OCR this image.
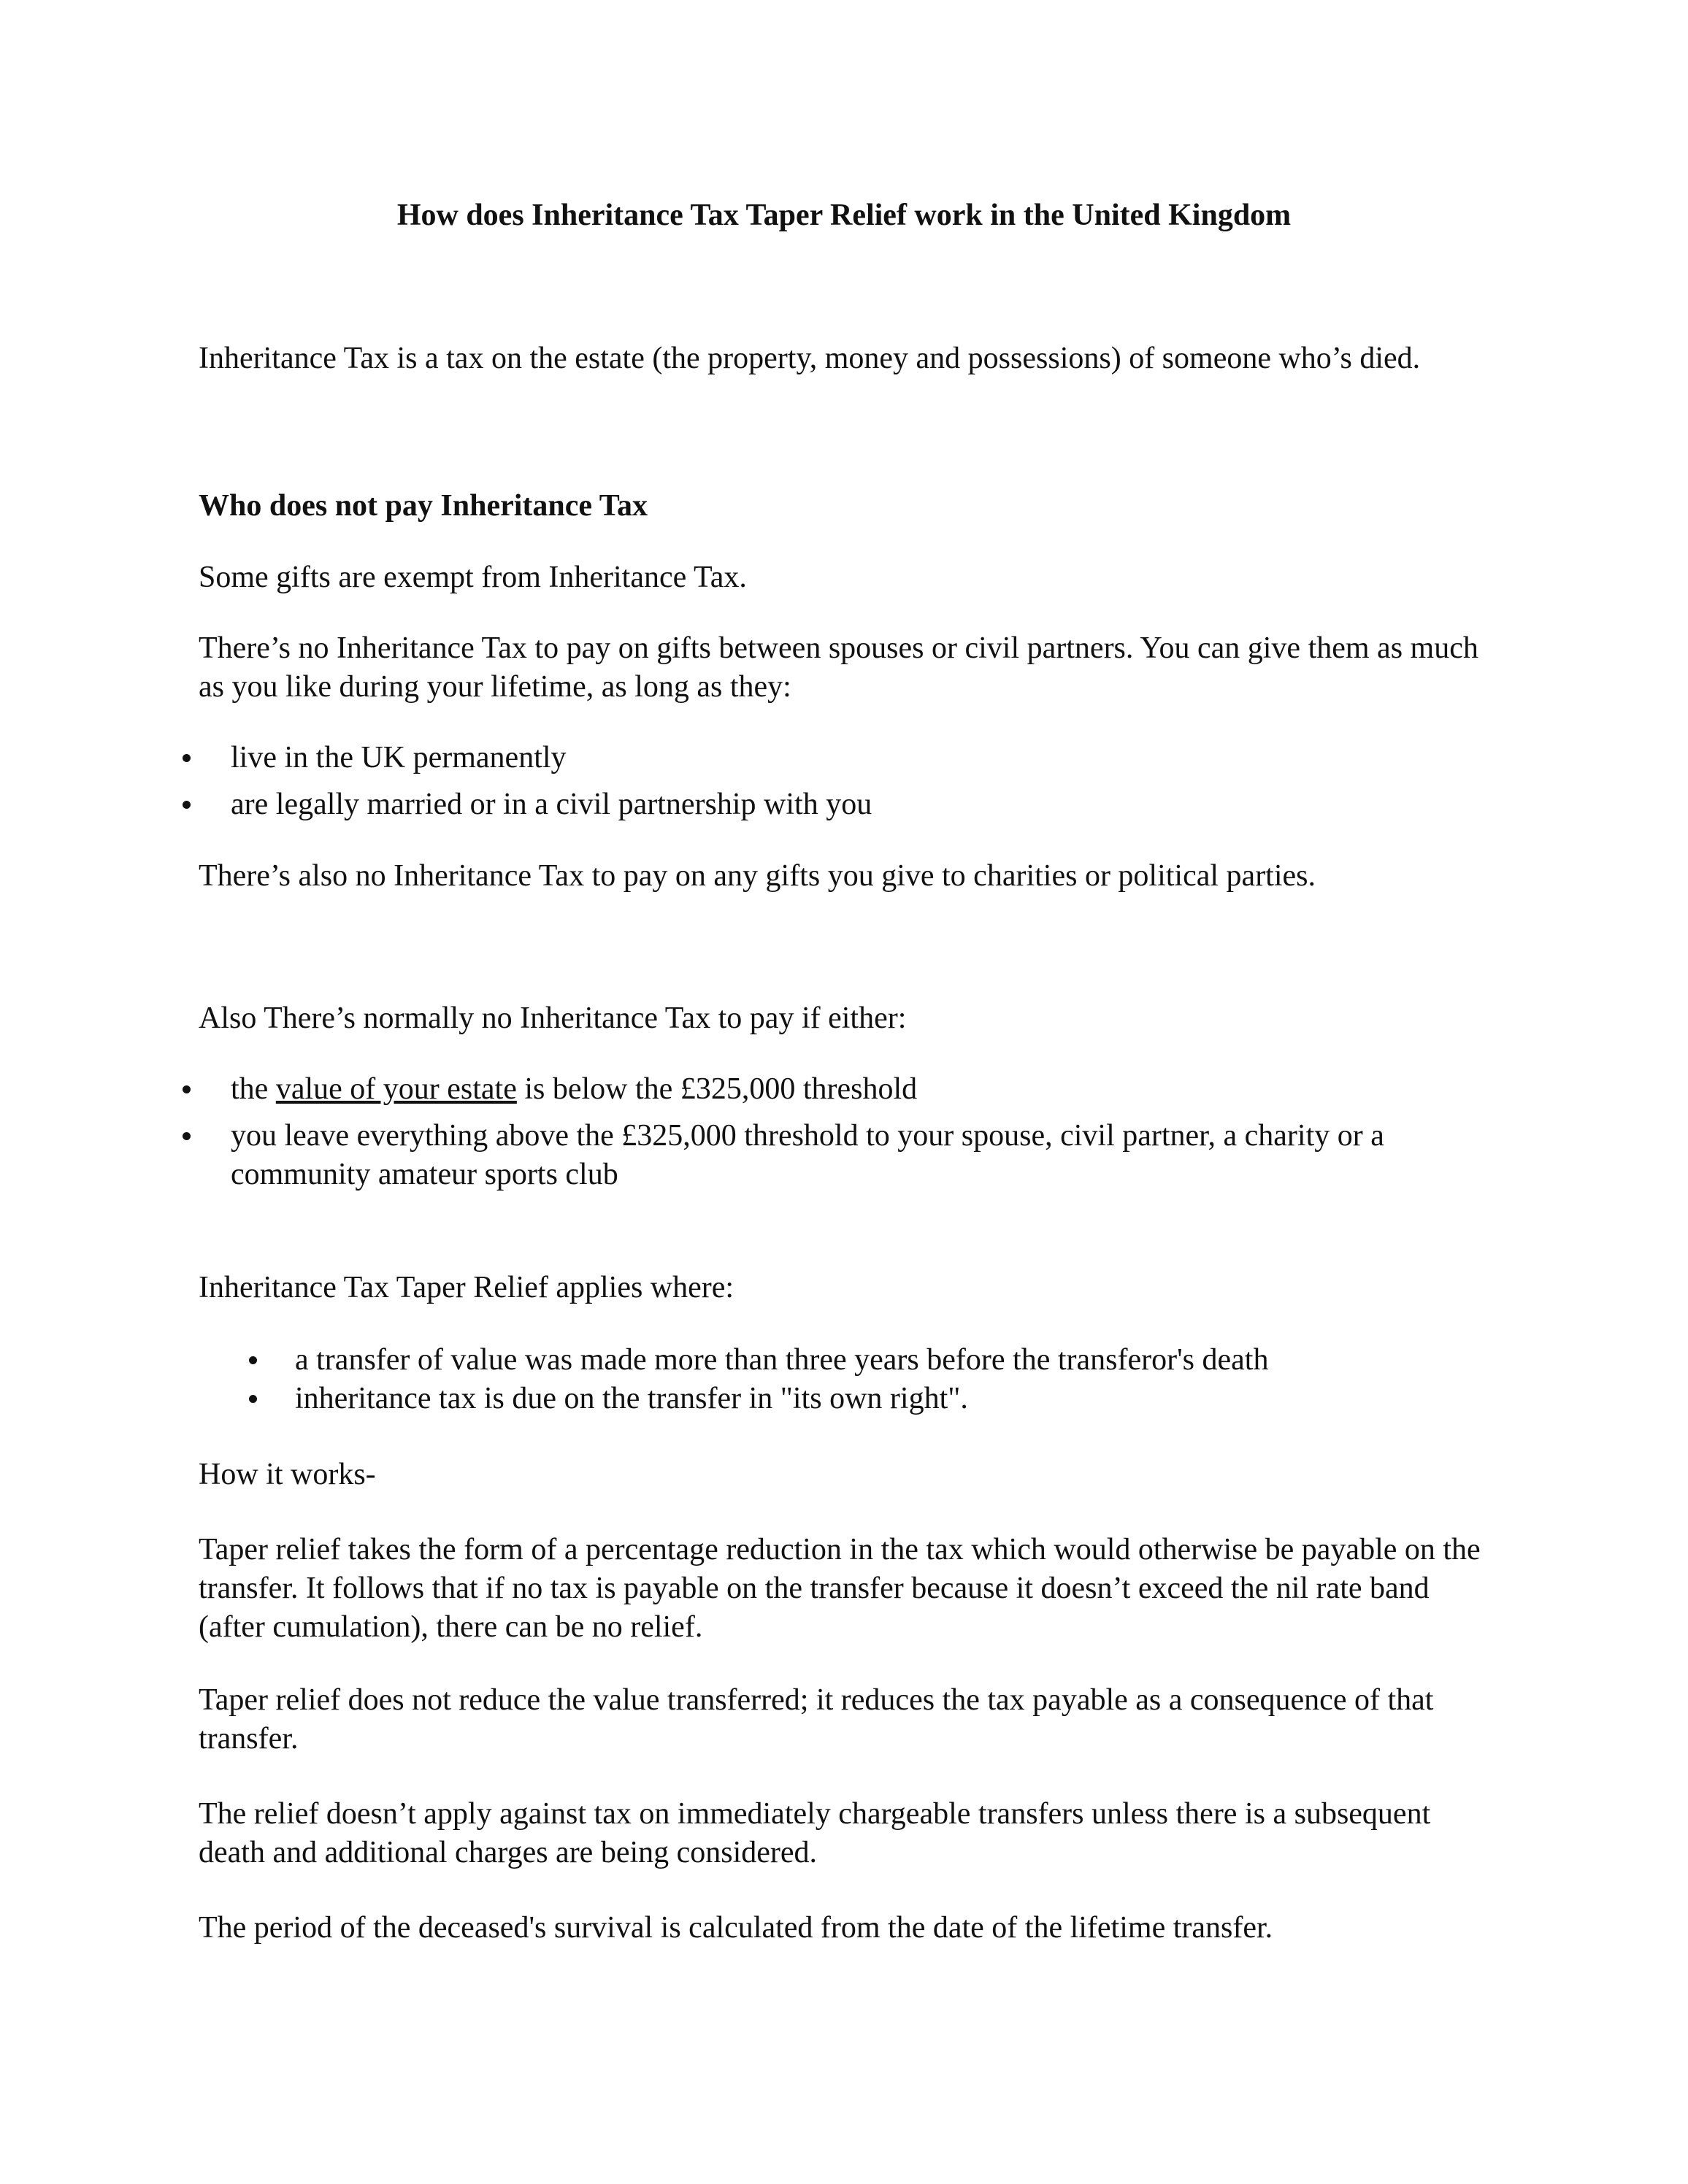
How does Inheritance Tax Taper Relief work in the United Kingdom

Inheritance Tax is a tax on the estate (the property, money and possessions) of someone who’s died.

Who does not pay Inheritance Tax

Some gifts are exempt from Inheritance Tax.

There’s no Inheritance Tax to pay on gifts between spouses or civil partners. You can give them as much as you like during your lifetime, as long as they:

live in the UK permanently
are legally married or in a civil partnership with you

There’s also no Inheritance Tax to pay on any gifts you give to charities or political parties.

Also There’s normally no Inheritance Tax to pay if either:

the value of your estate is below the £325,000 threshold
you leave everything above the £325,000 threshold to your spouse, civil partner, a charity or a community amateur sports club

Inheritance Tax Taper Relief applies where:

a transfer of value was made more than three years before the transferor's death
inheritance tax is due on the transfer in "its own right".

How it works-

Taper relief takes the form of a percentage reduction in the tax which would otherwise be payable on the transfer. It follows that if no tax is payable on the transfer because it doesn’t exceed the nil rate band (after cumulation), there can be no relief.

Taper relief does not reduce the value transferred; it reduces the tax payable as a consequence of that transfer.

The relief doesn’t apply against tax on immediately chargeable transfers unless there is a subsequent death and additional charges are being considered.

The period of the deceased's survival is calculated from the date of the lifetime transfer.
